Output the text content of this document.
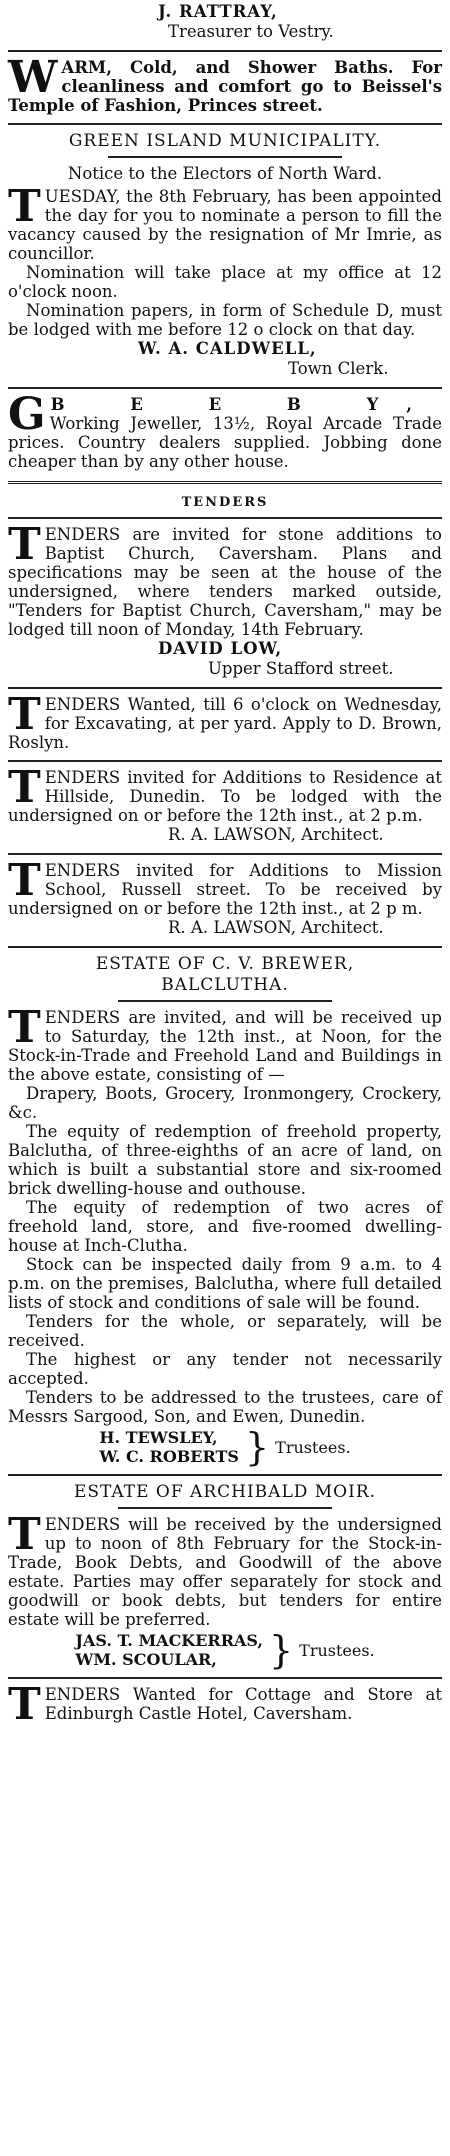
J. RATTRAY,

Treasurer to Vestry.

W ARM, Cold, and Shower Baths. For cleanliness and comfort go to Beissel's Temple of Fashion, Princes street.

GREEN ISLAND MUNICIPALITY.

Notice to the Electors of North Ward.

T UESDAY, the 8th February, has been appointed the day for you to nominate a person to fill the vacancy caused by the resignation of Mr Imrie, as councillor.

Nomination will take place at my office at 12 o'clock noon.

Nomination papers, in form of Schedule D, must be lodged with me before 12 o clock on that day.

W. A. CALDWELL,

Town Clerk.

G B E E B Y,

Working Jeweller, 13½, Royal Arcade Trade prices. Country dealers supplied. Jobbing done cheaper than by any other house.

TENDERS

T ENDERS are invited for stone additions to Baptist Church, Caversham. Plans and specifications may be seen at the house of the undersigned, where tenders marked outside, "Tenders for Baptist Church, Caversham," may be lodged till noon of Monday, 14th February.

DAVID LOW,

Upper Stafford street.

T ENDERS Wanted, till 6 o'clock on Wednesday, for Excavating, at per yard. Apply to D. Brown, Roslyn.

T ENDERS invited for Additions to Residence at Hillside, Dunedin. To be lodged with the undersigned on or before the 12th inst., at 2 p.m.

R. A. LAWSON, Architect.

T ENDERS invited for Additions to Mission School, Russell street. To be received by undersigned on or before the 12th inst., at 2 p m.

R. A. LAWSON, Architect.

ESTATE OF C. V. BREWER,

BALCLUTHA.

T ENDERS are invited, and will be received up to Saturday, the 12th inst., at Noon, for the Stock-in-Trade and Freehold Land and Buildings in the above estate, consisting of —

Drapery, Boots, Grocery, Ironmongery, Crockery, &c.

The equity of redemption of freehold property, Balclutha, of three-eighths of an acre of land, on which is built a substantial store and six-roomed brick dwelling-house and outhouse.

The equity of redemption of two acres of freehold land, store, and five-roomed dwelling-house at Inch-Clutha.

Stock can be inspected daily from 9 a.m. to 4 p.m. on the premises, Balclutha, where full detailed lists of stock and conditions of sale will be found.

Tenders for the whole, or separately, will be received.

The highest or any tender not necessarily accepted.

Tenders to be addressed to the trustees, care of Messrs Sargood, Son, and Ewen, Dunedin.

H. TEWSLEY,

W. C. ROBERTS } Trustees.

ESTATE OF ARCHIBALD MOIR.

T ENDERS will be received by the undersigned up to noon of 8th February for the Stock-in-Trade, Book Debts, and Goodwill of the above estate. Parties may offer separately for stock and goodwill or book debts, but tenders for entire estate will be preferred.

JAS. T. MACKERRAS,

WM. SCOULAR,	} Trustees.
T ENDERS Wanted for Cottage and Store at Edinburgh Castle Hotel, Caversham.
